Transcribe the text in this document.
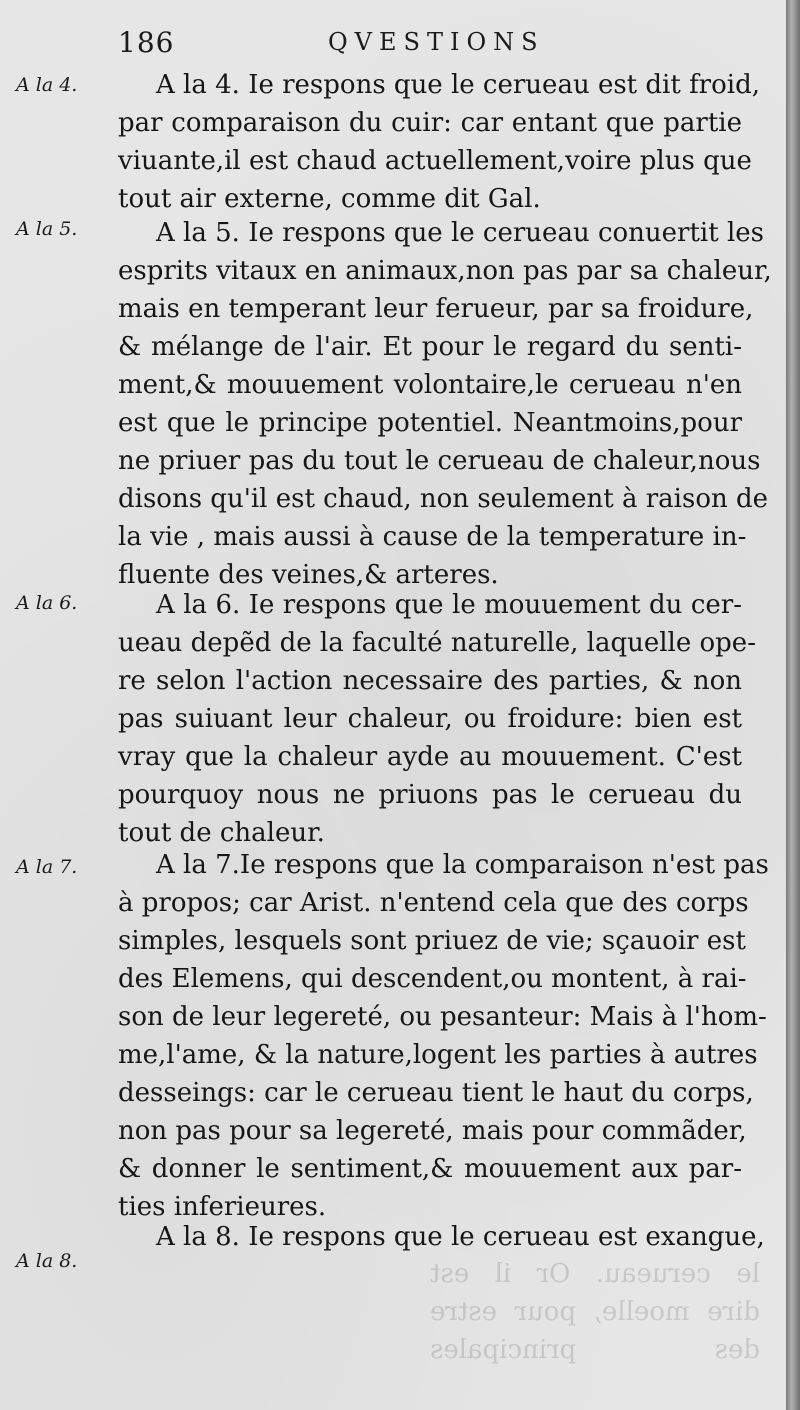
le cerueau. Or il est
dire moelle, pour estre
des principales
186	QVESTIONS
A la 4.	A la 4. Ie respons que le cerueau est dit froid,
par comparaison du cuir: car entant que partie
viuante,il est chaud actuellement,voire plus que
tout air externe, comme dit Gal.
A la 5.	A la 5. Ie respons que le cerueau conuertit les
esprits vitaux en animaux,non pas par sa chaleur,
mais en temperant leur ferueur, par sa froidure,
& mélange de l'air. Et pour le regard du senti-
ment,& mouuement volontaire,le cerueau n'en
est que le principe potentiel. Neantmoins,pour
ne priuer pas du tout le cerueau de chaleur,nous
disons qu'il est chaud, non seulement à raison de
la vie , mais aussi à cause de la temperature in-
fluente des veines,& arteres.
A la 6.	A la 6. Ie respons que le mouuement du cer-
ueau depẽd de la faculté naturelle, laquelle ope-
re selon l'action necessaire des parties, & non
pas suiuant leur chaleur, ou froidure: bien est
vray que la chaleur ayde au mouuement. C'est
pourquoy nous ne priuons pas le cerueau du
tout de chaleur.
A la 7.	A la 7.Ie respons que la comparaison n'est pas
à propos; car Arist. n'entend cela que des corps
simples, lesquels sont priuez de vie; sçauoir est
des Elemens, qui descendent,ou montent, à rai-
son de leur legereté, ou pesanteur: Mais à l'hom-
me,l'ame, & la nature,logent les parties à autres
desseings: car le cerueau tient le haut du corps,
non pas pour sa legereté, mais pour commãder,
& donner le sentiment,& mouuement aux par-
ties inferieures.
A la 8.
A la 8. Ie respons que le cerueau est exangue,
